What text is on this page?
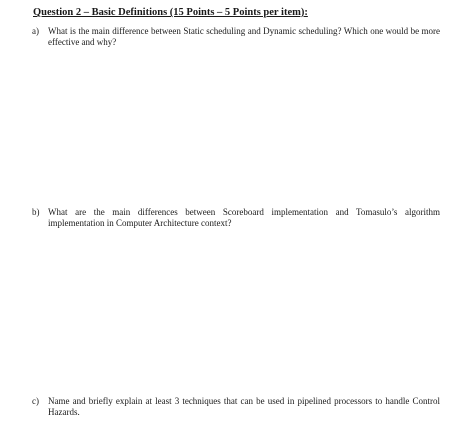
Question 2 – Basic Definitions (15 Points – 5 Points per item):
a) What is the main difference between Static scheduling and Dynamic scheduling? Which one would be more effective and why?
b) What are the main differences between Scoreboard implementation and Tomasulo’s algorithm implementation in Computer Architecture context?
c) Name and briefly explain at least 3 techniques that can be used in pipelined processors to handle Control Hazards.
